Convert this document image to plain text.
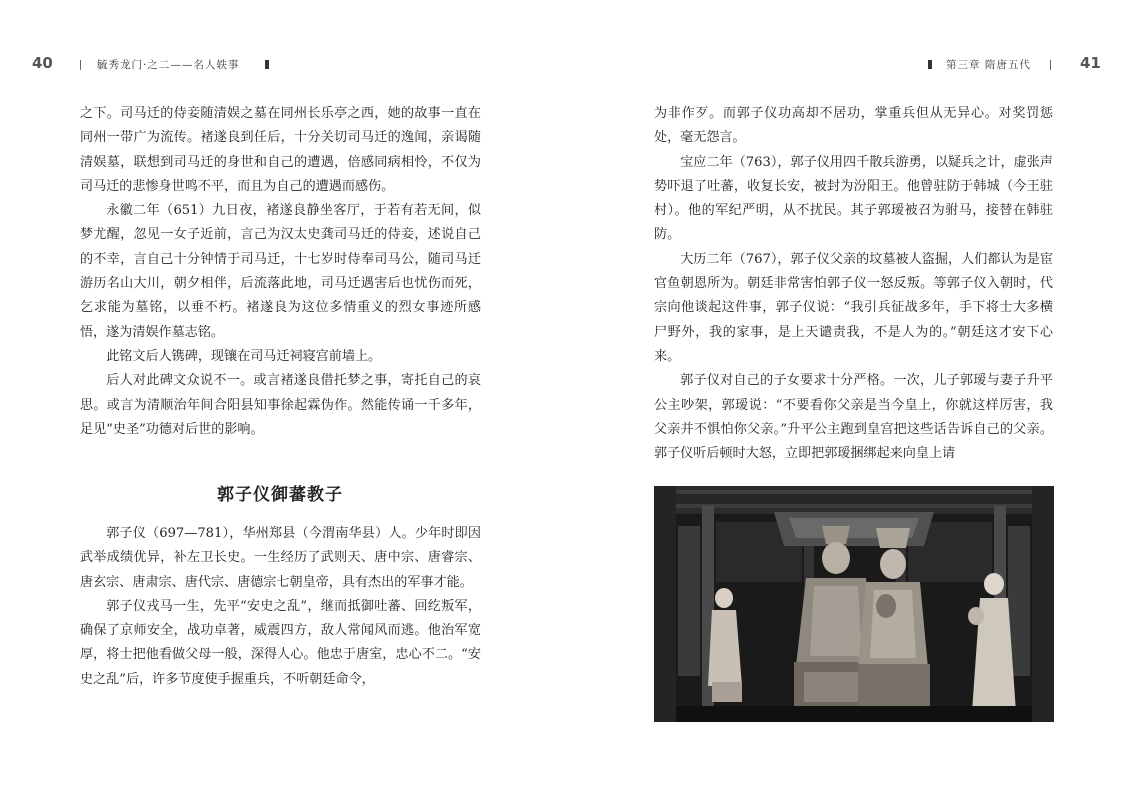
40	毓秀龙门·之二——名人轶事

之下。司马迁的侍妾随清娱之墓在同州长乐亭之西，她的故事一直在同州一带广为流传。褚遂良到任后，十分关切司马迁的逸闻，亲谒随清娱墓，联想到司马迁的身世和自己的遭遇，倍感同病相怜，不仅为司马迁的悲惨身世鸣不平，而且为自己的遭遇而感伤。

永徽二年（651）九日夜，褚遂良静坐客厅，于若有若无间，似梦尤醒，忽见一女子近前，言己为汉太史龚司马迁的侍妾，述说自己的不幸，言自己十分钟情于司马迁，十七岁时侍奉司马公，随司马迁游历名山大川，朝夕相伴，后流落此地，司马迁遇害后也忧伤而死，乞求能为墓铭，以垂不朽。褚遂良为这位多情重义的烈女事迹所感悟，遂为清娱作墓志铭。

此铭文后人镌碑，现镶在司马迁祠寝宫前墙上。

后人对此碑文众说不一。或言褚遂良借托梦之事，寄托自己的哀思。或言为清顺治年间合阳县知事徐起霖伪作。然能传诵一千多年，足见“史圣”功德对后世的影响。

郭子仪御蕃教子

郭子仪（697—781），华州郑县（今渭南华县）人。少年时即因武举成绩优异，补左卫长史。一生经历了武则天、唐中宗、唐睿宗、唐玄宗、唐肃宗、唐代宗、唐德宗七朝皇帝，具有杰出的军事才能。

郭子仪戎马一生，先平“安史之乱”，继而抵御吐蕃、回纥叛军，确保了京师安全，战功卓著，威震四方，敌人常闻风而逃。他治军宽厚，将士把他看做父母一般，深得人心。他忠于唐室，忠心不二。“安史之乱”后，许多节度使手握重兵，不听朝廷命令，

第三章 隋唐五代	41

为非作歹。而郭子仪功高却不居功，掌重兵但从无异心。对奖罚惩处，毫无怨言。

宝应二年（763），郭子仪用四千散兵游勇，以疑兵之计，虚张声势吓退了吐蕃，收复长安，被封为汾阳王。他曾驻防于韩城（今王驻村）。他的军纪严明，从不扰民。其子郭瑷被召为驸马，接替在韩驻防。

大历二年（767），郭子仪父亲的坟墓被人盗掘，人们都认为是宦官鱼朝恩所为。朝廷非常害怕郭子仪一怒反叛。等郭子仪入朝时，代宗向他谈起这件事，郭子仪说：“我引兵征战多年，手下将士大多横尸野外，我的家事，是上天谴责我，不是人为的。”朝廷这才安下心来。

郭子仪对自己的子女要求十分严格。一次，儿子郭瑷与妻子升平公主吵架，郭瑷说：“不要看你父亲是当今皇上，你就这样厉害，我父亲并不惧怕你父亲。”升平公主跑到皇宫把这些话告诉自己的父亲。郭子仪听后顿时大怒，立即把郭瑷捆绑起来向皇上请
